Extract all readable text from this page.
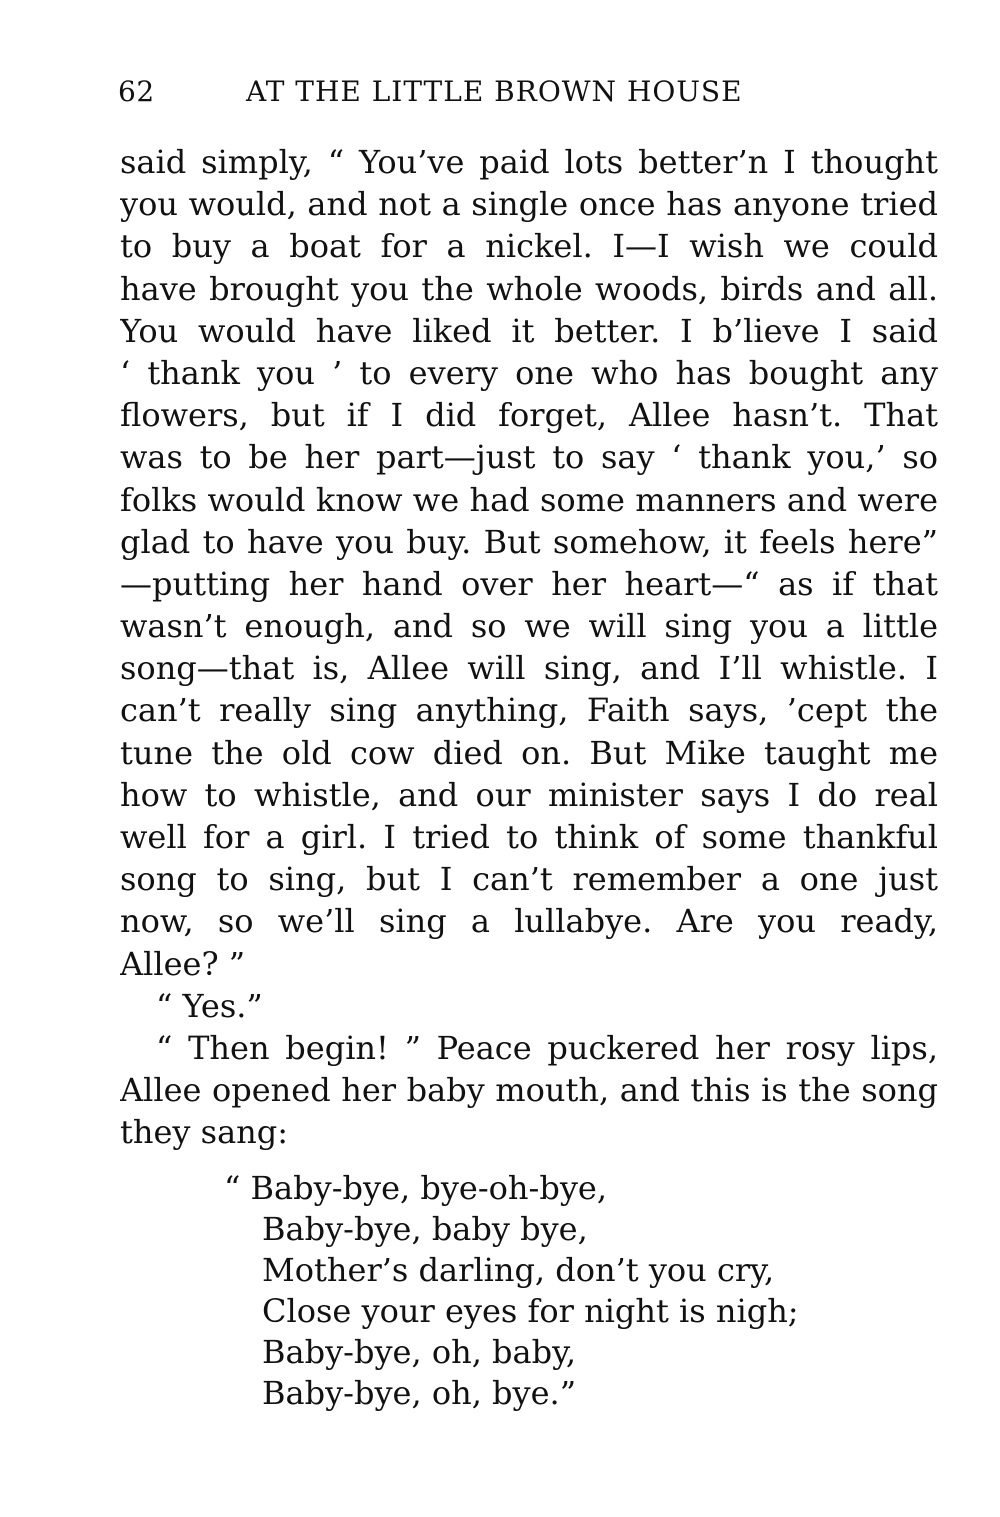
62	AT THE LITTLE BROWN HOUSE
said simply, “ You’ve paid lots better’n I thought
you would, and not a single once has anyone tried
to buy a boat for a nickel. I—I wish we could
have brought you the whole woods, birds and all.
You would have liked it better. I b’lieve I said
‘ thank you ’ to every one who has bought any
flowers, but if I did forget, Allee hasn’t. That
was to be her part—just to say ‘ thank you,’ so
folks would know we had some manners and were
glad to have you buy. But somehow, it feels here”
—putting her hand over her heart—“ as if that
wasn’t enough, and so we will sing you a little
song—that is, Allee will sing, and I’ll whistle. I
can’t really sing anything, Faith says, ’cept the
tune the old cow died on. But Mike taught me
how to whistle, and our minister says I do real
well for a girl. I tried to think of some thankful
song to sing, but I can’t remember a one just
now, so we’ll sing a lullabye. Are you ready,
Allee? ”
“ Yes.”
“ Then begin! ” Peace puckered her rosy lips,
Allee opened her baby mouth, and this is the song
they sang:
“ Baby-bye, bye-oh-bye,
Baby-bye, baby bye,
Mother’s darling, don’t you cry,
Close your eyes for night is nigh;
Baby-bye, oh, baby,
Baby-bye, oh, bye.”
